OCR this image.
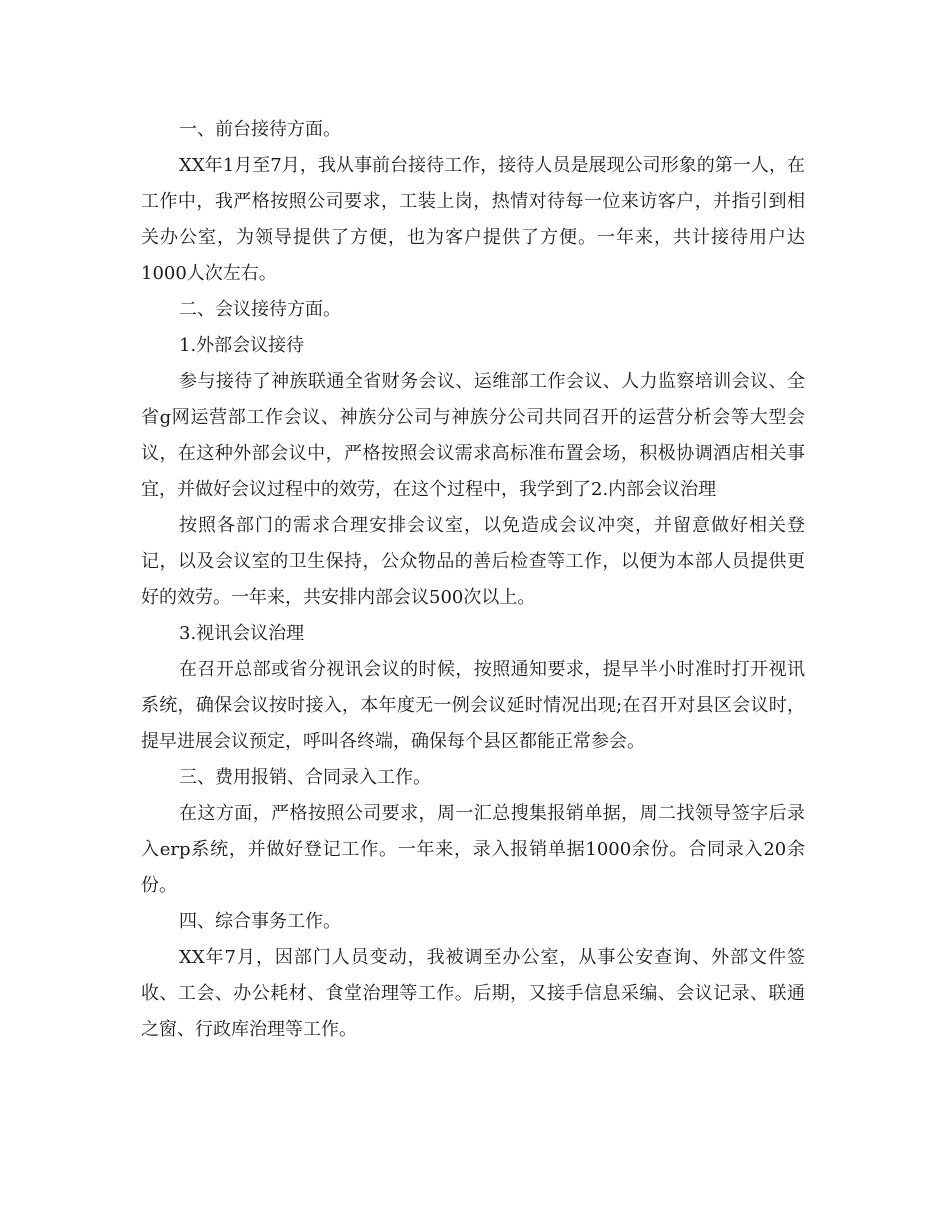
一、前台接待方面。

XX年1月至7月，我从事前台接待工作，接待人员是展现公司形象的第一人，在工作中，我严格按照公司要求，工装上岗，热情对待每一位来访客户，并指引到相关办公室，为领导提供了方便，也为客户提供了方便。一年来，共计接待用户达1000人次左右。

二、会议接待方面。

1.外部会议接待

参与接待了神族联通全省财务会议、运维部工作会议、人力监察培训会议、全省g网运营部工作会议、神族分公司与神族分公司共同召开的运营分析会等大型会议，在这种外部会议中，严格按照会议需求高标准布置会场，积极协调酒店相关事宜，并做好会议过程中的效劳，在这个过程中，我学到了2.内部会议治理

按照各部门的需求合理安排会议室，以免造成会议冲突，并留意做好相关登记，以及会议室的卫生保持，公众物品的善后检查等工作，以便为本部人员提供更好的效劳。一年来，共安排内部会议500次以上。

3.视讯会议治理

在召开总部或省分视讯会议的时候，按照通知要求，提早半小时准时打开视讯系统，确保会议按时接入，本年度无一例会议延时情况出现;在召开对县区会议时，提早进展会议预定，呼叫各终端，确保每个县区都能正常参会。

三、费用报销、合同录入工作。

在这方面，严格按照公司要求，周一汇总搜集报销单据，周二找领导签字后录入erp系统，并做好登记工作。一年来，录入报销单据1000余份。合同录入20余份。

四、综合事务工作。

XX年7月，因部门人员变动，我被调至办公室，从事公安查询、外部文件签收、工会、办公耗材、食堂治理等工作。后期，又接手信息采编、会议记录、联通之窗、行政库治理等工作。
